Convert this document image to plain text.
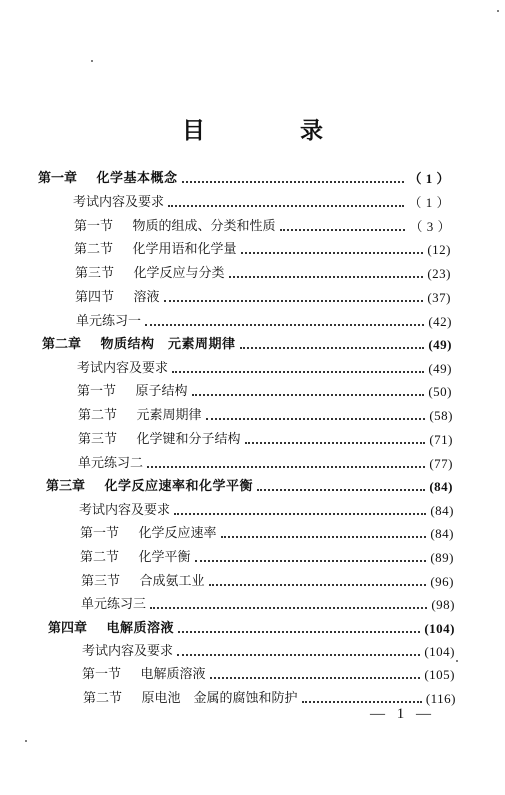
目　录
第一章	化学基本概念	（ 1 ）
考试内容及要求	（ 1 ）
第一节	物质的组成、分类和性质	（ 3 ）
第二节	化学用语和化学量	(12)
第三节	化学反应与分类	(23)
第四节	溶液	(37)
单元练习一	(42)
第二章	物质结构　元素周期律	(49)
考试内容及要求	(49)
第一节	原子结构	(50)
第二节	元素周期律	(58)
第三节	化学键和分子结构	(71)
单元练习二	(77)
第三章	化学反应速率和化学平衡	(84)
考试内容及要求	(84)
第一节	化学反应速率	(84)
第二节	化学平衡	(89)
第三节	合成氨工业	(96)
单元练习三	(98)
第四章	电解质溶液	(104)
考试内容及要求	(104)
第一节	电解质溶液	(105)
第二节	原电池　金属的腐蚀和防护	(116)
— 1 —
